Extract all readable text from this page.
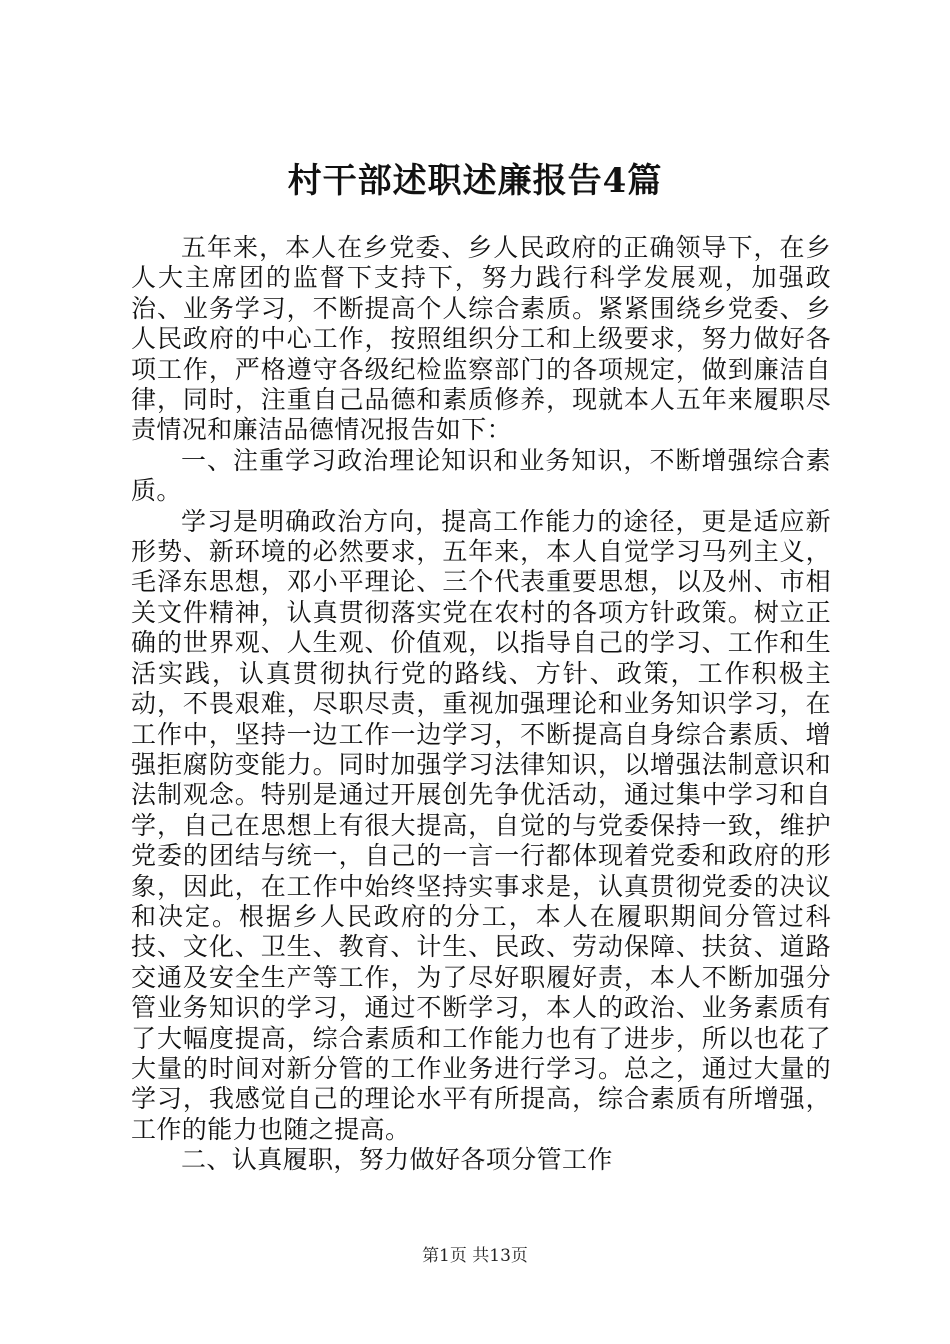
村干部述职述廉报告4篇

五年来，本人在乡党委、乡人民政府的正确领导下，在乡人大主席团的监督下支持下，努力践行科学发展观，加强政治、业务学习，不断提高个人综合素质。紧紧围绕乡党委、乡人民政府的中心工作，按照组织分工和上级要求，努力做好各项工作，严格遵守各级纪检监察部门的各项规定，做到廉洁自律，同时，注重自己品德和素质修养，现就本人五年来履职尽责情况和廉洁品德情况报告如下：

一、注重学习政治理论知识和业务知识，不断增强综合素质。

学习是明确政治方向，提高工作能力的途径，更是适应新形势、新环境的必然要求，五年来，本人自觉学习马列主义，毛泽东思想，邓小平理论、三个代表重要思想，以及州、市相关文件精神，认真贯彻落实党在农村的各项方针政策。树立正确的世界观、人生观、价值观，以指导自己的学习、工作和生活实践，认真贯彻执行党的路线、方针、政策，工作积极主动，不畏艰难，尽职尽责，重视加强理论和业务知识学习，在工作中，坚持一边工作一边学习，不断提高自身综合素质、增强拒腐防变能力。同时加强学习法律知识，以增强法制意识和法制观念。特别是通过开展创先争优活动，通过集中学习和自学，自己在思想上有很大提高，自觉的与党委保持一致，维护党委的团结与统一，自己的一言一行都体现着党委和政府的形象，因此，在工作中始终坚持实事求是，认真贯彻党委的决议和决定。根据乡人民政府的分工，本人在履职期间分管过科技、文化、卫生、教育、计生、民政、劳动保障、扶贫、道路交通及安全生产等工作，为了尽好职履好责，本人不断加强分管业务知识的学习，通过不断学习，本人的政治、业务素质有了大幅度提高，综合素质和工作能力也有了进步，所以也花了大量的时间对新分管的工作业务进行学习。总之，通过大量的学习，我感觉自己的理论水平有所提高，综合素质有所增强，工作的能力也随之提高。

二、认真履职，努力做好各项分管工作

第1页 共13页
